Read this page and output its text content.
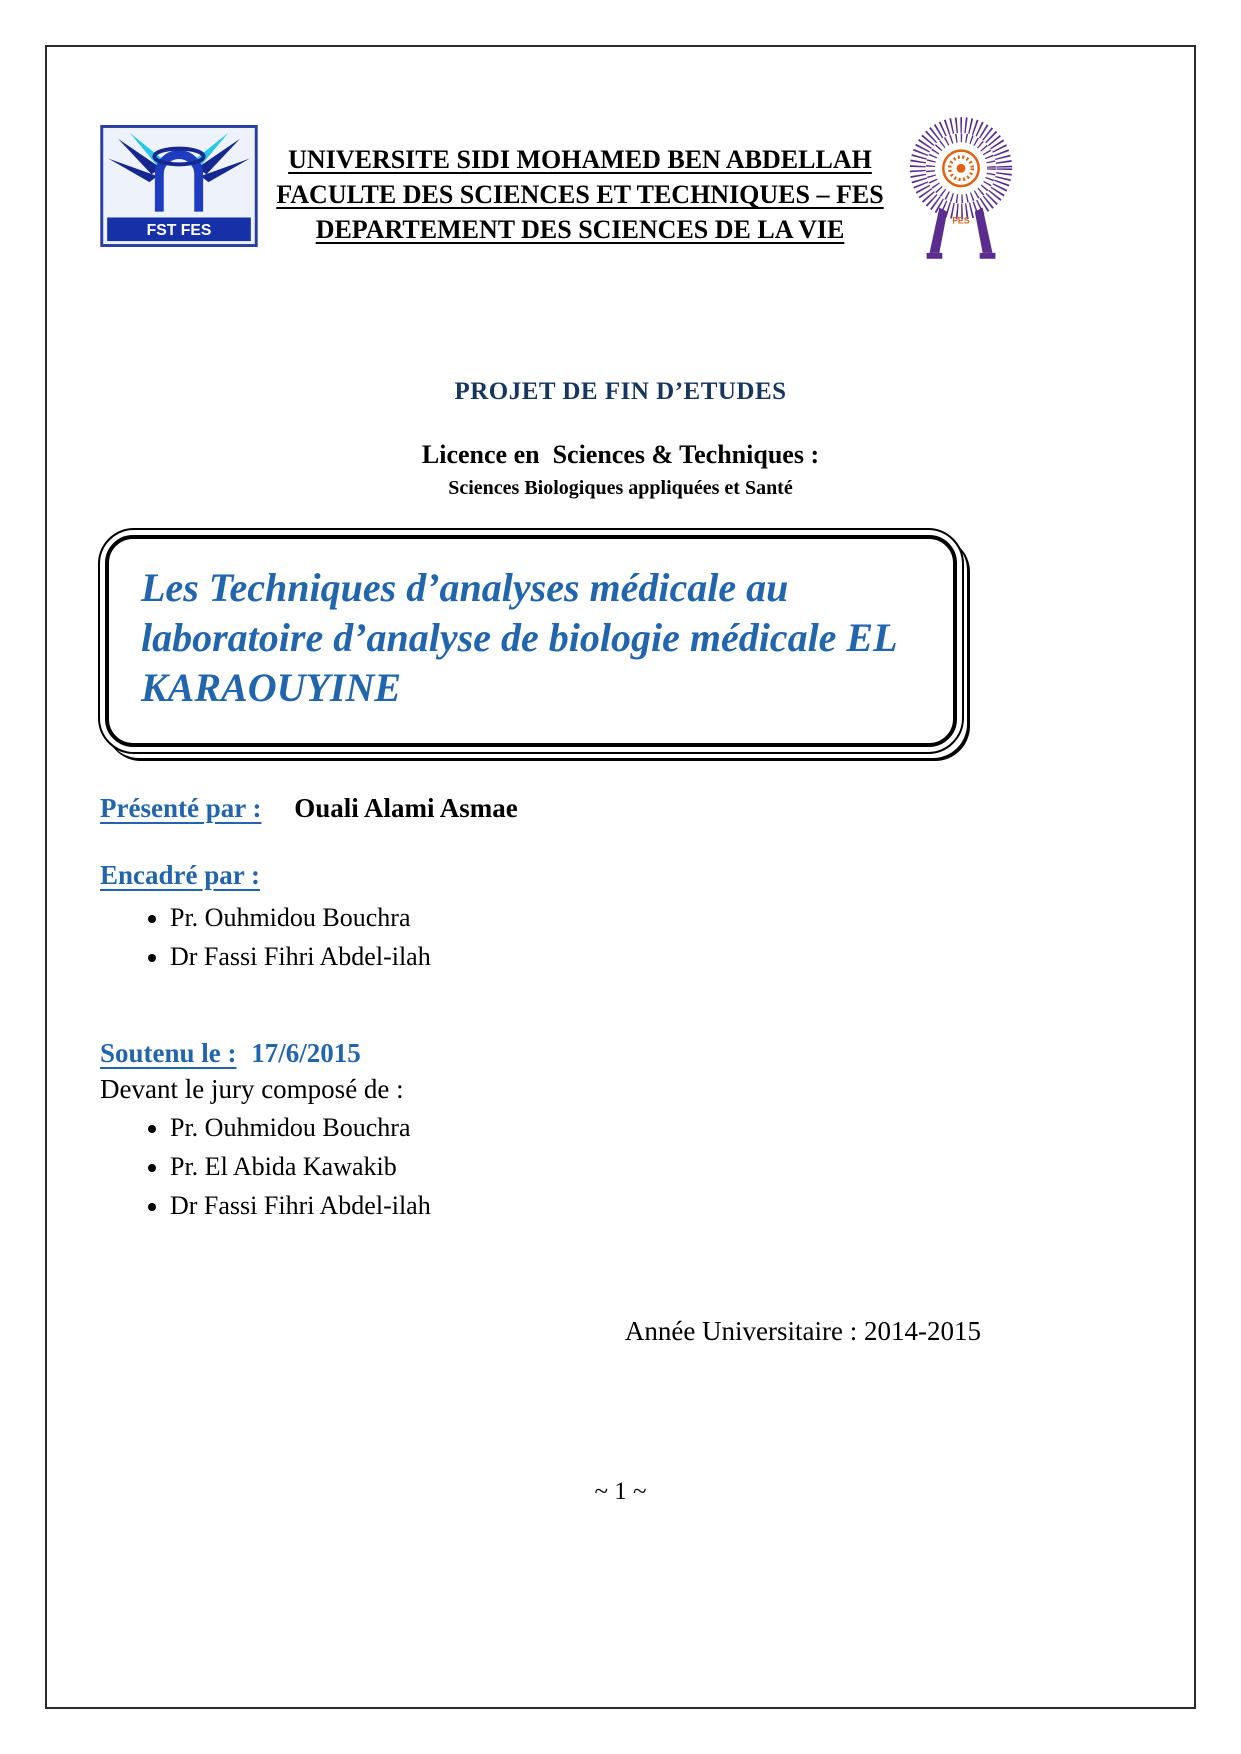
FST FES
UNIVERSITE SIDI MOHAMED BEN ABDELLAH
FACULTE DES SCIENCES ET TECHNIQUES – FES
DEPARTEMENT DES SCIENCES DE LA VIE	FES
PROJET DE FIN D’ETUDES
Licence en  Sciences & Techniques :
Sciences Biologiques appliquées et Santé
Les Techniques d’analyses médicale au laboratoire d’analyse de biologie médicale EL KARAOUYINE
Présenté par : Ouali Alami Asmae
Encadré par :
• Pr. Ouhmidou Bouchra
• Dr Fassi Fihri Abdel-ilah
Soutenu le : 17/6/2015
Devant le jury composé de :
• Pr. Ouhmidou Bouchra
• Pr. El Abida Kawakib
• Dr Fassi Fihri Abdel-ilah
Année Universitaire : 2014-2015
~ 1 ~
